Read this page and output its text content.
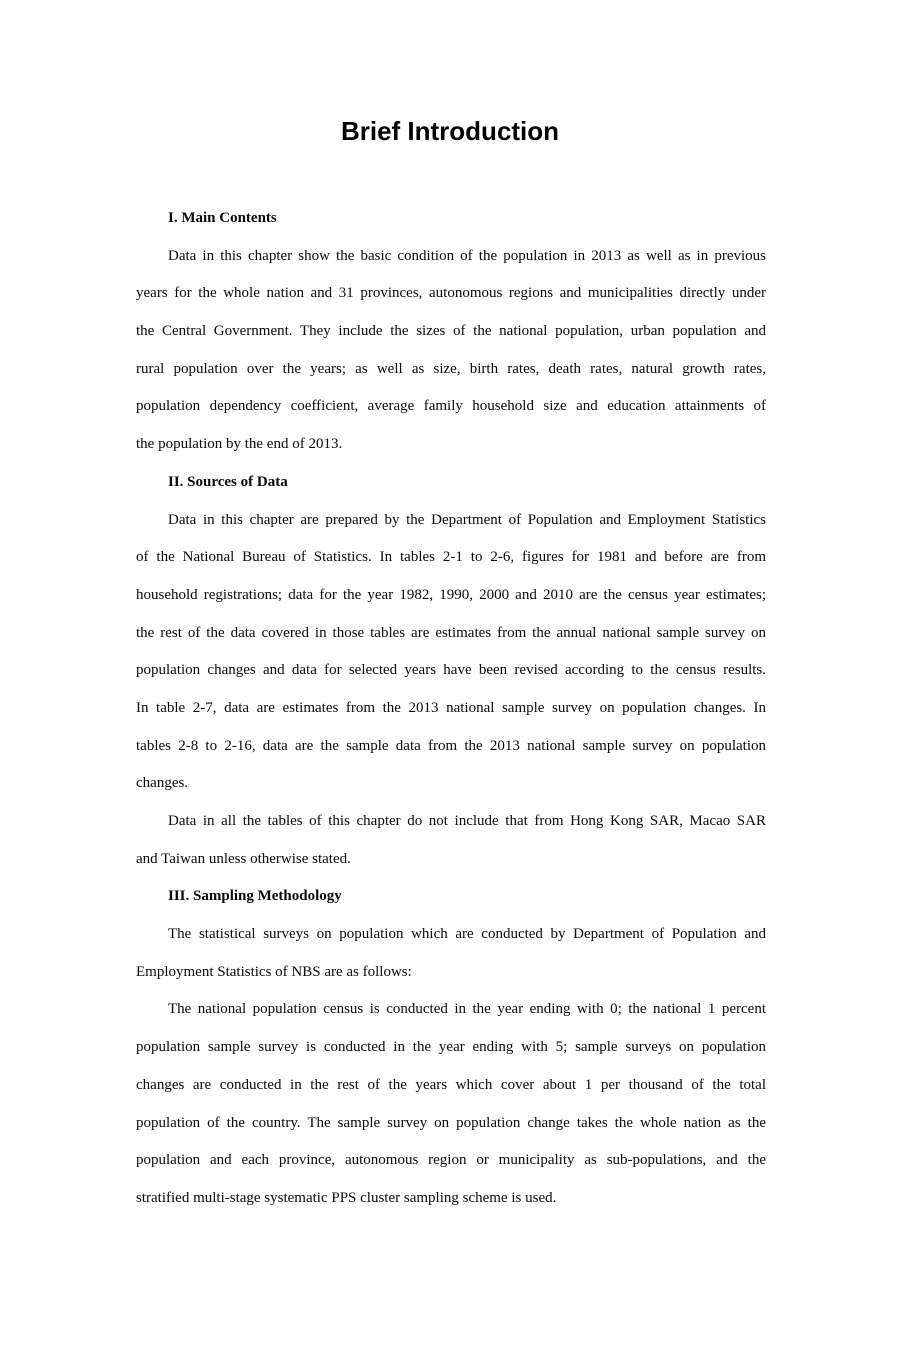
Brief Introduction
I. Main Contents
Data in this chapter show the basic condition of the population in 2013 as well as in previous
years for the whole nation and 31 provinces, autonomous regions and municipalities directly under
the Central Government. They include the sizes of the national population, urban population and
rural population over the years; as well as size, birth rates, death rates, natural growth rates,
population dependency coefficient, average family household size and education attainments of
the population by the end of 2013.
II. Sources of Data
Data in this chapter are prepared by the Department of Population and Employment Statistics
of the National Bureau of Statistics. In tables 2-1 to 2-6, figures for 1981 and before are from
household registrations; data for the year 1982, 1990, 2000 and 2010 are the census year estimates;
the rest of the data covered in those tables are estimates from the annual national sample survey on
population changes and data for selected years have been revised according to the census results.
In table 2-7, data are estimates from the 2013 national sample survey on population changes. In
tables 2-8 to 2-16, data are the sample data from the 2013 national sample survey on population
changes.
Data in all the tables of this chapter do not include that from Hong Kong SAR, Macao SAR
and Taiwan unless otherwise stated.
III. Sampling Methodology
The statistical surveys on population which are conducted by Department of Population and
Employment Statistics of NBS are as follows:
The national population census is conducted in the year ending with 0; the national 1 percent
population sample survey is conducted in the year ending with 5; sample surveys on population
changes are conducted in the rest of the years which cover about 1 per thousand of the total
population of the country. The sample survey on population change takes the whole nation as the
population and each province, autonomous region or municipality as sub-populations, and the
stratified multi-stage systematic PPS cluster sampling scheme is used.
